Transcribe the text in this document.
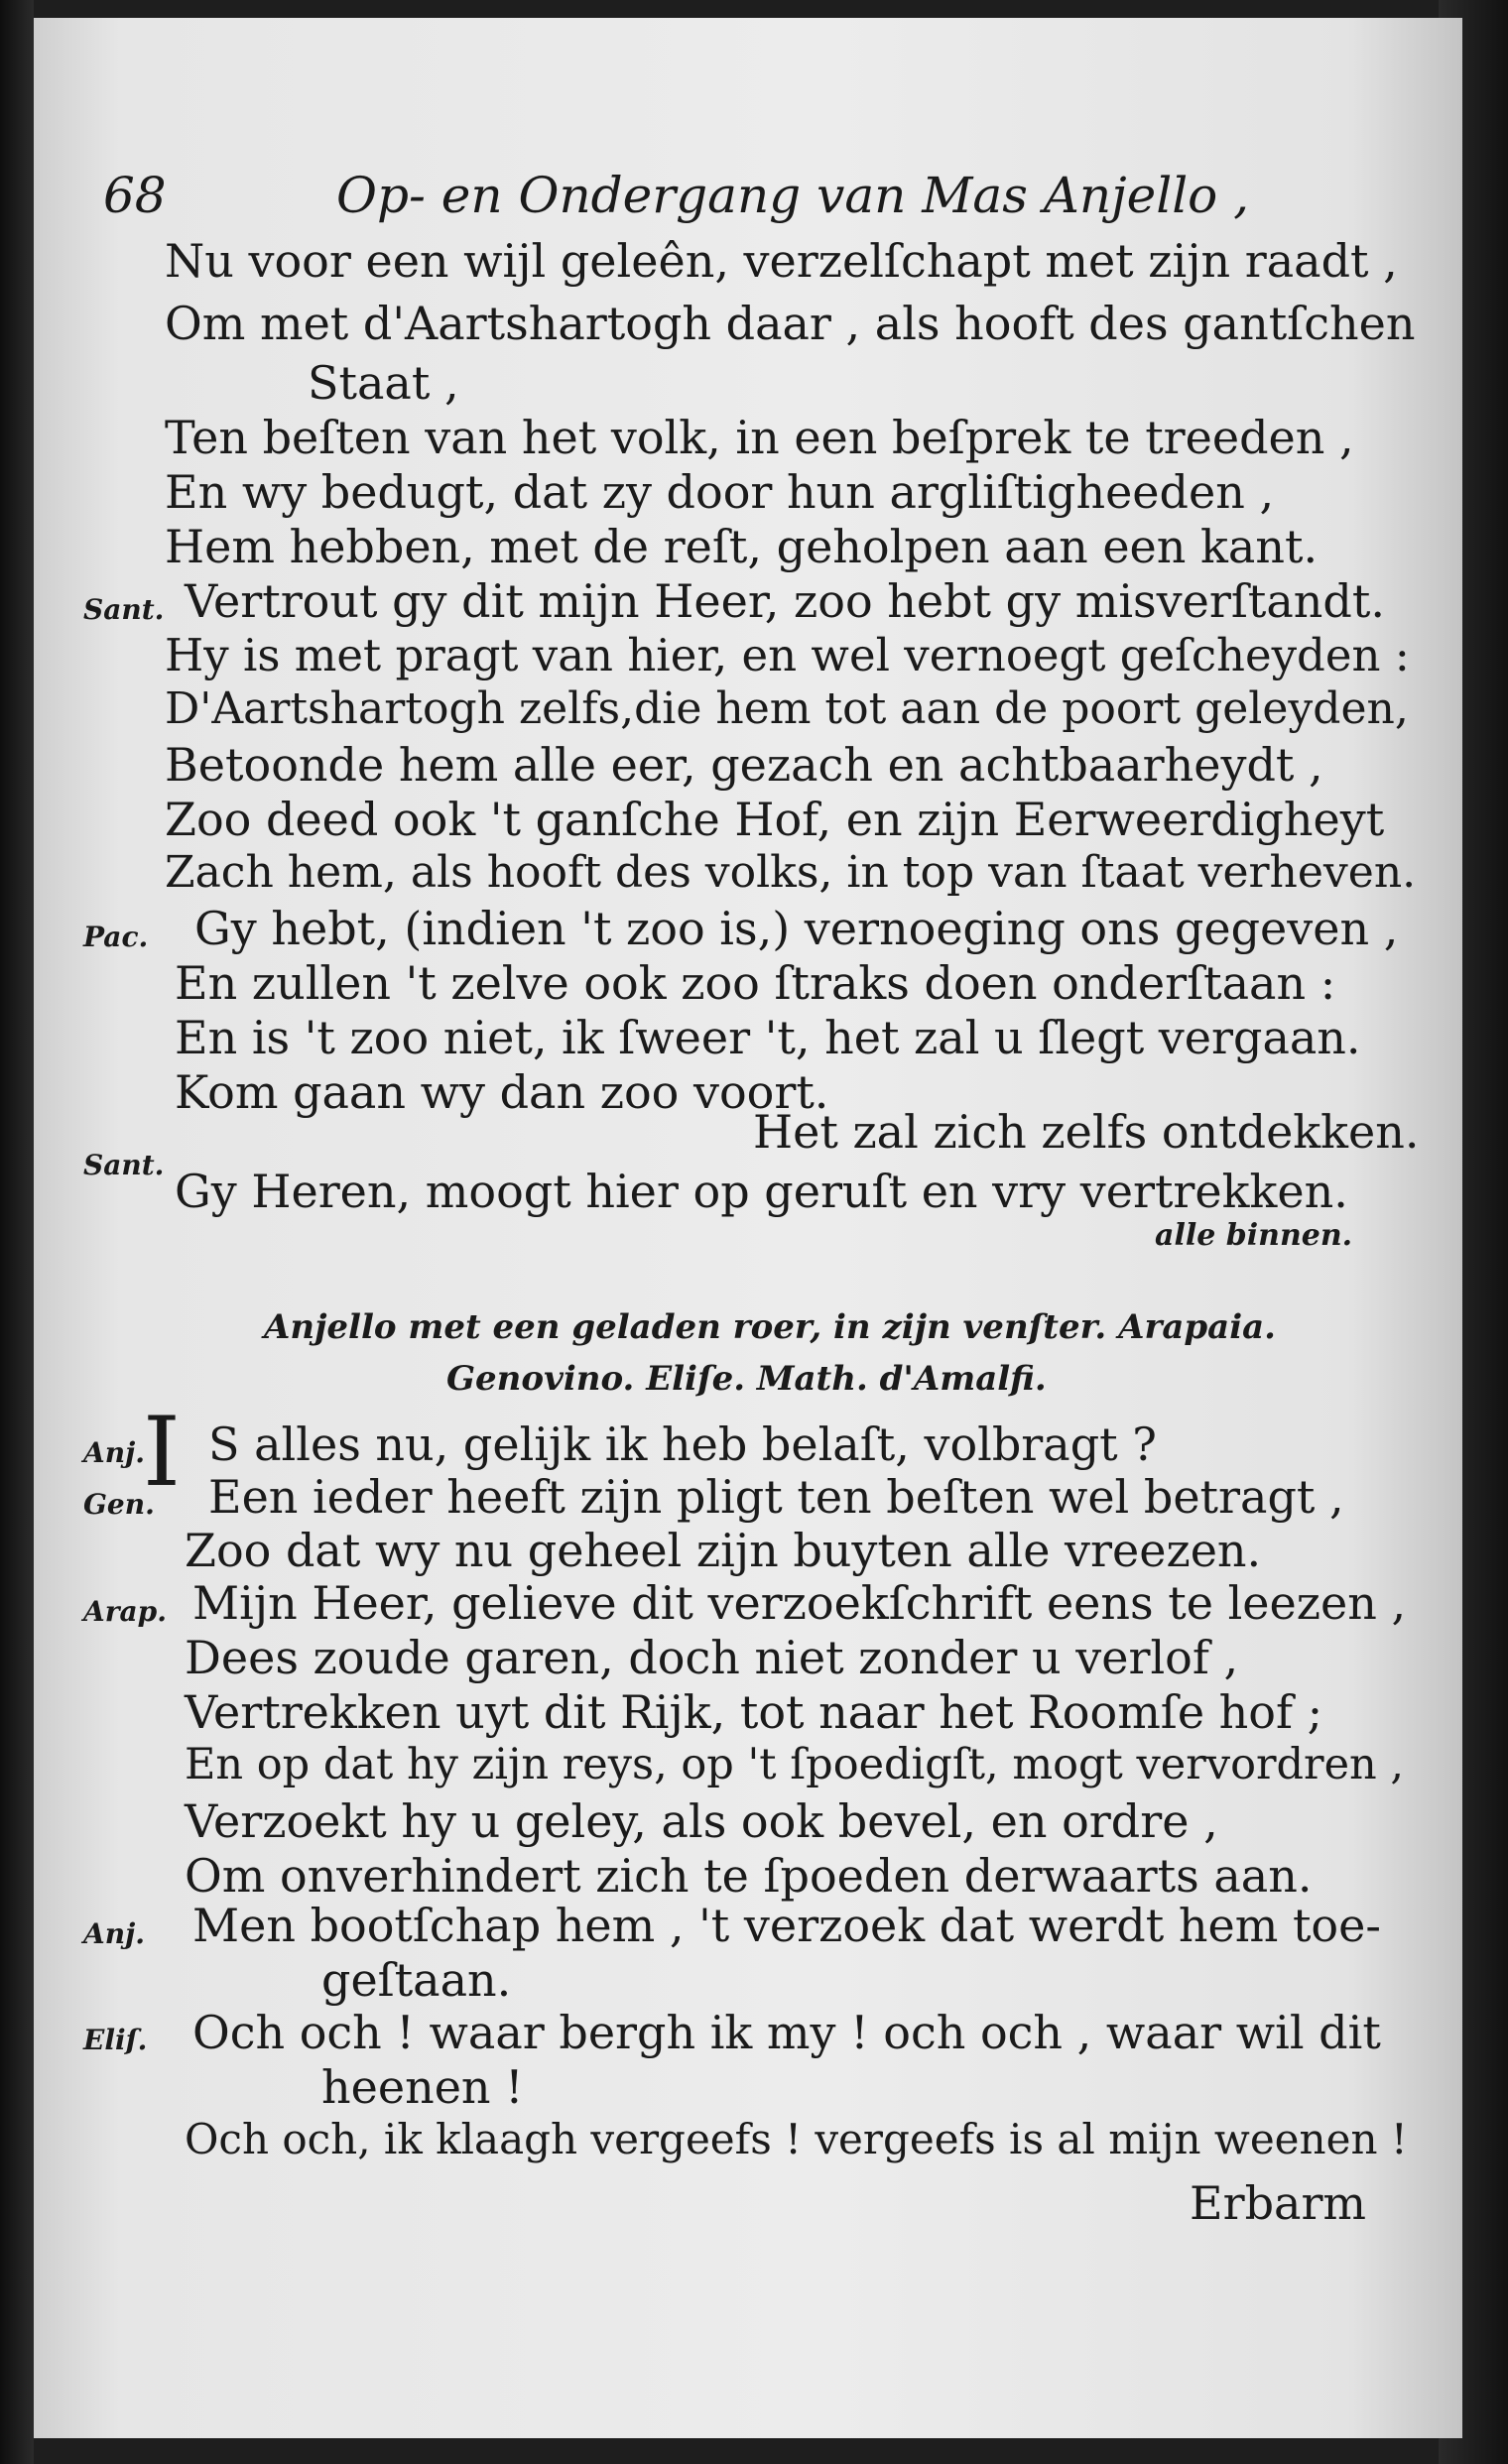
68	Op- en Ondergang van Mas Anjello ,
Nu voor een wijl geleên, verzelſchapt met zijn raadt ,
Om met d'Aartshartogh daar , als hooft des gantſchen
Staat ,
Ten beſten van het volk, in een beſprek te treeden ,
En wy bedugt, dat zy door hun argliſtigheeden ,
Hem hebben, met de reſt, geholpen aan een kant.
Sant. Vertrout gy dit mijn Heer, zoo hebt gy misverſtandt.
Hy is met pragt van hier, en wel vernoegt geſcheyden :
D'Aartshartogh zelfs,die hem tot aan de poort geleyden,
Betoonde hem alle eer, gezach en achtbaarheydt ,
Zoo deed ook 't ganſche Hof, en zijn Eerweerdigheyt
Zach hem, als hooft des volks, in top van ſtaat verheven.
Pac. Gy hebt, (indien 't zoo is,) vernoeging ons gegeven ,
En zullen 't zelve ook zoo ſtraks doen onderſtaan :
En is 't zoo niet, ik ſweer 't, het zal u ſlegt vergaan.
Kom gaan wy dan zoo voort.
Sant.
Het zal zich zelfs ontdekken.
Gy Heren, moogt hier op geruſt en vry vertrekken.
alle binnen.
Anjello met een geladen roer, in zijn venſter. Arapaia.
Genovino. Eliſe. Math. d'Amalfi.
I
Anj. S alles nu, gelijk ik heb belaſt, volbragt ?
Gen. Een ieder heeft zijn pligt ten beſten wel betragt ,
Zoo dat wy nu geheel zijn buyten alle vreezen.
Arap. Mijn Heer, gelieve dit verzoekſchrift eens te leezen ,
Dees zoude garen, doch niet zonder u verlof ,
Vertrekken uyt dit Rijk, tot naar het Roomſe hof ;
En op dat hy zijn reys, op 't ſpoedigſt, mogt vervordren ,
Verzoekt hy u geley, als ook bevel, en ordre ,
Om onverhindert zich te ſpoeden derwaarts aan.
Anj. Men bootſchap hem , 't verzoek dat werdt hem toe-
geſtaan.
Eliſ. Och och ! waar bergh ik my ! och och , waar wil dit
heenen !
Och och, ik klaagh vergeefs ! vergeefs is al mijn weenen !
Erbarm
